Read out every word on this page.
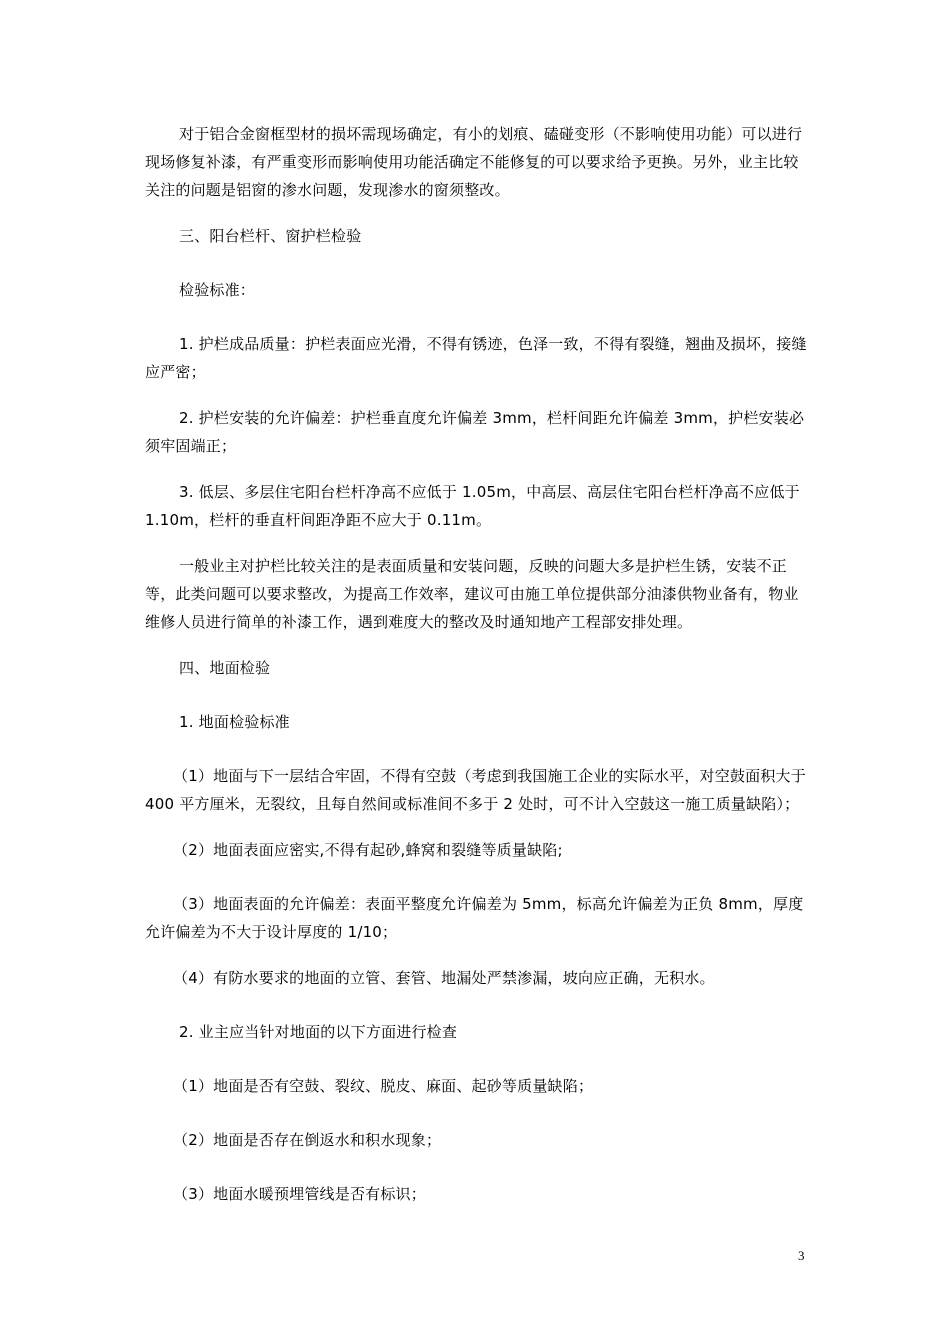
对于铝合金窗框型材的损坏需现场确定，有小的划痕、磕碰变形（不影响使用功能）可以进行现场修复补漆，有严重变形而影响使用功能活确定不能修复的可以要求给予更换。另外，业主比较关注的问题是铝窗的渗水问题，发现渗水的窗须整改。

三、阳台栏杆、窗护栏检验

检验标准：

1. 护栏成品质量：护栏表面应光滑，不得有锈迹，色泽一致，不得有裂缝，翘曲及损坏，接缝应严密；

2. 护栏安装的允许偏差：护栏垂直度允许偏差 3mm，栏杆间距允许偏差 3mm，护栏安装必须牢固端正；

3. 低层、多层住宅阳台栏杆净高不应低于 1.05m，中高层、高层住宅阳台栏杆净高不应低于 1.10m，栏杆的垂直杆间距净距不应大于 0.11m。

一般业主对护栏比较关注的是表面质量和安装问题，反映的问题大多是护栏生锈，安装不正等，此类问题可以要求整改，为提高工作效率，建议可由施工单位提供部分油漆供物业备有，物业维修人员进行简单的补漆工作，遇到难度大的整改及时通知地产工程部安排处理。

四、地面检验

1. 地面检验标准

（1）地面与下一层结合牢固，不得有空鼓（考虑到我国施工企业的实际水平，对空鼓面积大于 400 平方厘米，无裂纹，且每自然间或标准间不多于 2 处时，可不计入空鼓这一施工质量缺陷）；

（2）地面表面应密实,不得有起砂,蜂窝和裂缝等质量缺陷;

（3）地面表面的允许偏差：表面平整度允许偏差为 5mm，标高允许偏差为正负 8mm，厚度允许偏差为不大于设计厚度的 1/10；

（4）有防水要求的地面的立管、套管、地漏处严禁渗漏，坡向应正确，无积水。

2. 业主应当针对地面的以下方面进行检查

（1）地面是否有空鼓、裂纹、脱皮、麻面、起砂等质量缺陷；

（2）地面是否存在倒返水和积水现象；

（3）地面水暖预埋管线是否有标识；

3
